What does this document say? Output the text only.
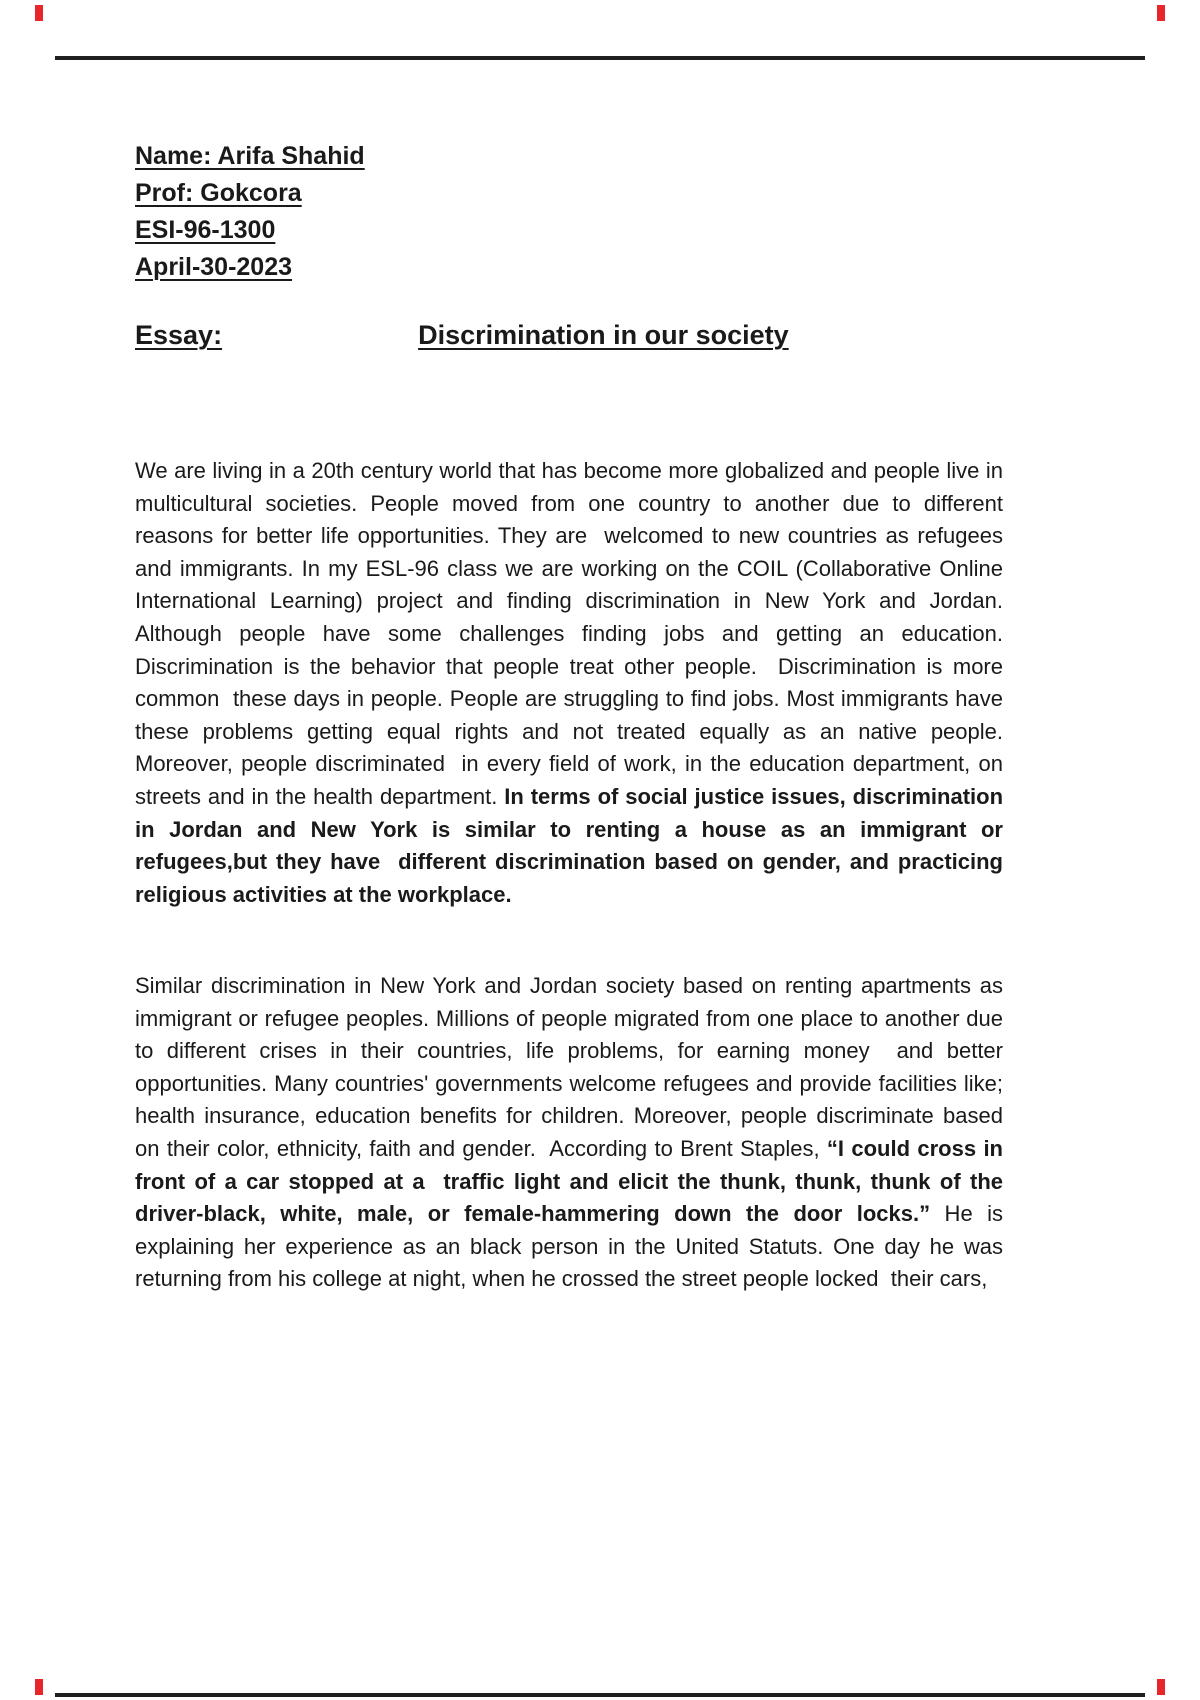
Name: Arifa Shahid
Prof: Gokcora
ESI-96-1300
April-30-2023
Essay:	Discrimination in our society
We are living in a 20th century world that has become more globalized and people live in multicultural societies. People moved from one country to another due to different reasons for better life opportunities. They are  welcomed to new countries as refugees and immigrants. In my ESL-96 class we are working on the COIL (Collaborative Online International Learning) project and finding discrimination in New York and Jordan. Although people have some challenges finding jobs and getting an education. Discrimination is the behavior that people treat other people.  Discrimination is more common  these days in people. People are struggling to find jobs. Most immigrants have these problems getting equal rights and not treated equally as an native people. Moreover, people discriminated  in every field of work, in the education department, on streets and in the health department. In terms of social justice issues, discrimination in Jordan and New York is similar to renting a house as an immigrant or refugees,but they have  different discrimination based on gender, and practicing religious activities at the workplace.
Similar discrimination in New York and Jordan society based on renting apartments as immigrant or refugee peoples. Millions of people migrated from one place to another due to different crises in their countries, life problems, for earning money  and better opportunities. Many countries' governments welcome refugees and provide facilities like; health insurance, education benefits for children. Moreover, people discriminate based on their color, ethnicity, faith and gender.  According to Brent Staples, “I could cross in front of a car stopped at a  traffic light and elicit the thunk, thunk, thunk of the driver-black, white, male, or female-hammering down the door locks.” He is explaining her experience as an black person in the United Statuts. One day he was returning from his college at night, when he crossed the street people locked  their cars,
